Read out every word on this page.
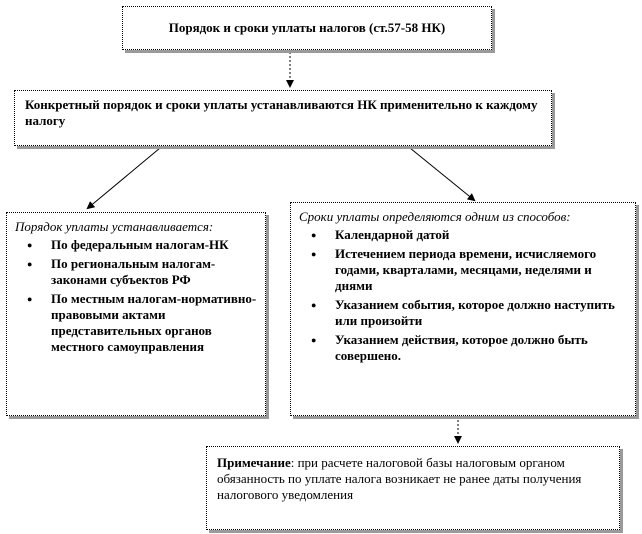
Порядок и сроки уплаты налогов (ст.57-58 НК)
Конкретный порядок и сроки уплаты устанавливаются НК применительно к каждому налогу
Порядок уплаты устанавливается:
● По федеральным налогам-НК
● По региональным налогам-законами субъектов РФ
● По местным налогам-нормативно-правовыми актами представительных органов местного самоуправления
Сроки уплаты определяются одним из способов:
● Календарной датой
● Истечением периода времени, исчисляемого годами, кварталами, месяцами, неделями и днями
● Указанием события, которое должно наступить или произойти
● Указанием действия, которое должно быть совершено.
Примечание: при расчете налоговой базы налоговым органом обязанность по уплате налога возникает не ранее даты получения налогового уведомления
